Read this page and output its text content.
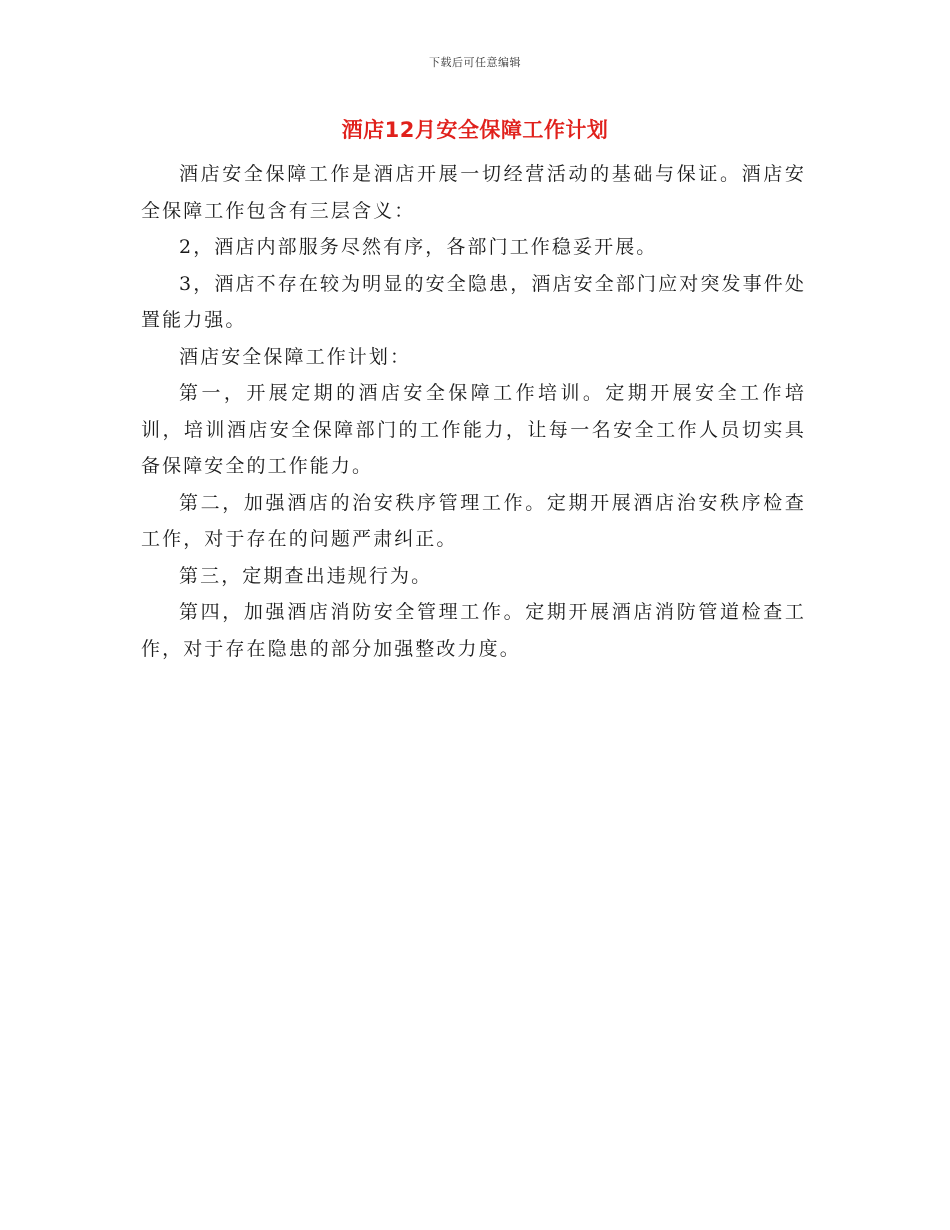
下载后可任意编辑
酒店12月安全保障工作计划

酒店安全保障工作是酒店开展一切经营活动的基础与保证。酒店安全保障工作包含有三层含义：

2，酒店内部服务尽然有序，各部门工作稳妥开展。

3，酒店不存在较为明显的安全隐患，酒店安全部门应对突发事件处置能力强。

酒店安全保障工作计划：

第一，开展定期的酒店安全保障工作培训。定期开展安全工作培训，培训酒店安全保障部门的工作能力，让每一名安全工作人员切实具备保障安全的工作能力。

第二，加强酒店的治安秩序管理工作。定期开展酒店治安秩序检查工作，对于存在的问题严肃纠正。

第三，定期查出违规行为。

第四，加强酒店消防安全管理工作。定期开展酒店消防管道检查工作，对于存在隐患的部分加强整改力度。
